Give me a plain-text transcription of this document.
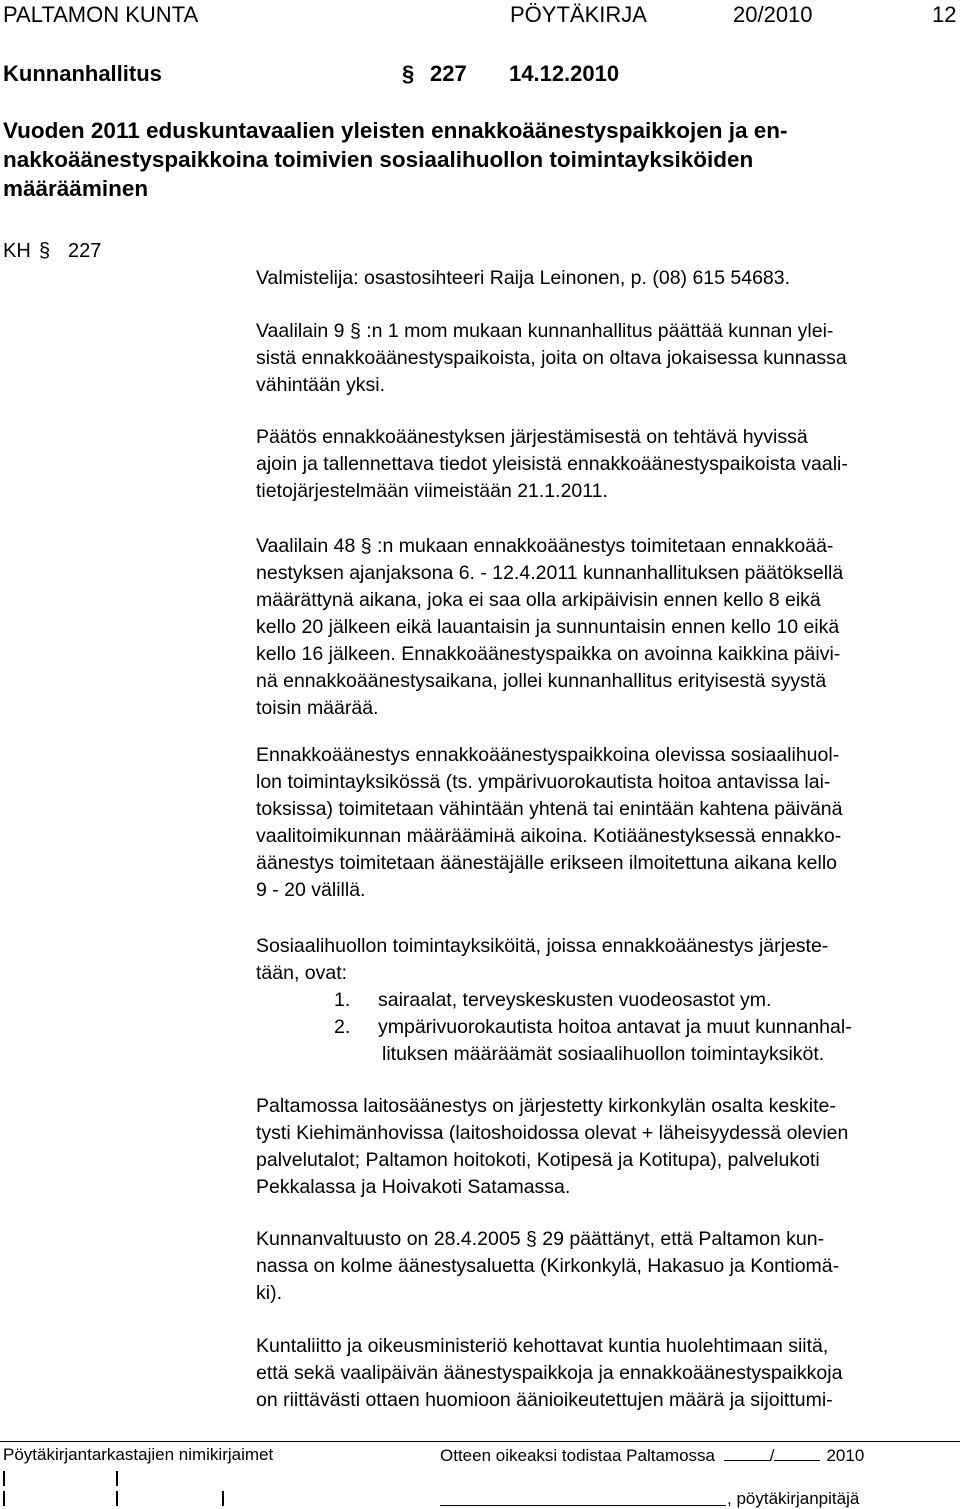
PALTAMON KUNTA	PÖYTÄKIRJA	20/2010	12
Kunnanhallitus	§ 227 14.12.2010
Vuoden 2011 eduskuntavaalien yleisten ennakkoäänestyspaikkojen ja en-
nakkoäänestyspaikkoina toimivien sosiaalihuollon toimintayksiköiden
määrääminen
KH § 227
Valmistelija: osastosihteeri Raija Leinonen, p. (08) 615 54683.
Vaalilain 9 § :n 1 mom mukaan kunnanhallitus päättää kunnan ylei-
sistä ennakkoäänestyspaikoista, joita on oltava jokaisessa kunnassa
vähintään yksi.
Päätös ennakkoäänestyksen järjestämisestä on tehtävä hyvissä
ajoin ja tallennettava tiedot yleisistä ennakkoäänestyspaikoista vaali-
tietojärjestelmään viimeistään 21.1.2011.
Vaalilain 48 § :n mukaan ennakkoäänestys toimitetaan ennakkoää-
nestyksen ajanjaksona 6. - 12.4.2011 kunnanhallituksen päätöksellä
määrättynä aikana, joka ei saa olla arkipäivisin ennen kello 8 eikä
kello 20 jälkeen eikä lauantaisin ja sunnuntaisin ennen kello 10 eikä
kello 16 jälkeen. Ennakkoäänestyspaikka on avoinna kaikkina päivi-
nä ennakkoäänestysaikana, jollei kunnanhallitus erityisestä syystä
toisin määrää.
Ennakkoäänestys ennakkoäänestyspaikkoina olevissa sosiaalihuol-
lon toimintayksikössä (ts. ympärivuorokautista hoitoa antavissa lai-
toksissa) toimitetaan vähintään yhtenä tai enintään kahtena päivänä
vaalitoimikunnan määräämінä aikoina. Kotiäänestyksessä ennakko-
äänestys toimitetaan äänestäjälle erikseen ilmoitettuna aikana kello
9 - 20 välillä.
Sosiaalihuollon toimintayksiköitä, joissa ennakkoäänestys järjeste-
tään, ovat:
1. sairaalat, terveyskeskusten vuodeosastot ym.
2. ympärivuorokautista hoitoa antavat ja muut kunnanhal-
lituksen määräämät sosiaalihuollon toimintayksiköt.
Paltamossa laitosäänestys on järjestetty kirkonkylän osalta keskite-
tysti Kiehimänhovissa (laitoshoidossa olevat + läheisyydessä olevien
palvelutalot; Paltamon hoitokoti, Kotipesä ja Kotitupa), palvelukoti
Pekkalassa ja Hoivakoti Satamassa.
Kunnanvaltuusto on 28.4.2005 § 29 päättänyt, että Paltamon kun-
nassa on kolme äänestysaluetta (Kirkonkylä, Hakasuo ja Kontiomä-
ki).
Kuntaliitto ja oikeusministeriö kehottavat kuntia huolehtimaan siitä,
että sekä vaalipäivän äänestyspaikkoja ja ennakkoäänestyspaikkoja
on riittävästi ottaen huomioon äänioikeutettujen määrä ja sijoittumi-
Pöytäkirjantarkastajien nimikirjaimet	Otteen oikeaksi todistaa Paltamossa	/	2010
, pöytäkirjanpitäjä
